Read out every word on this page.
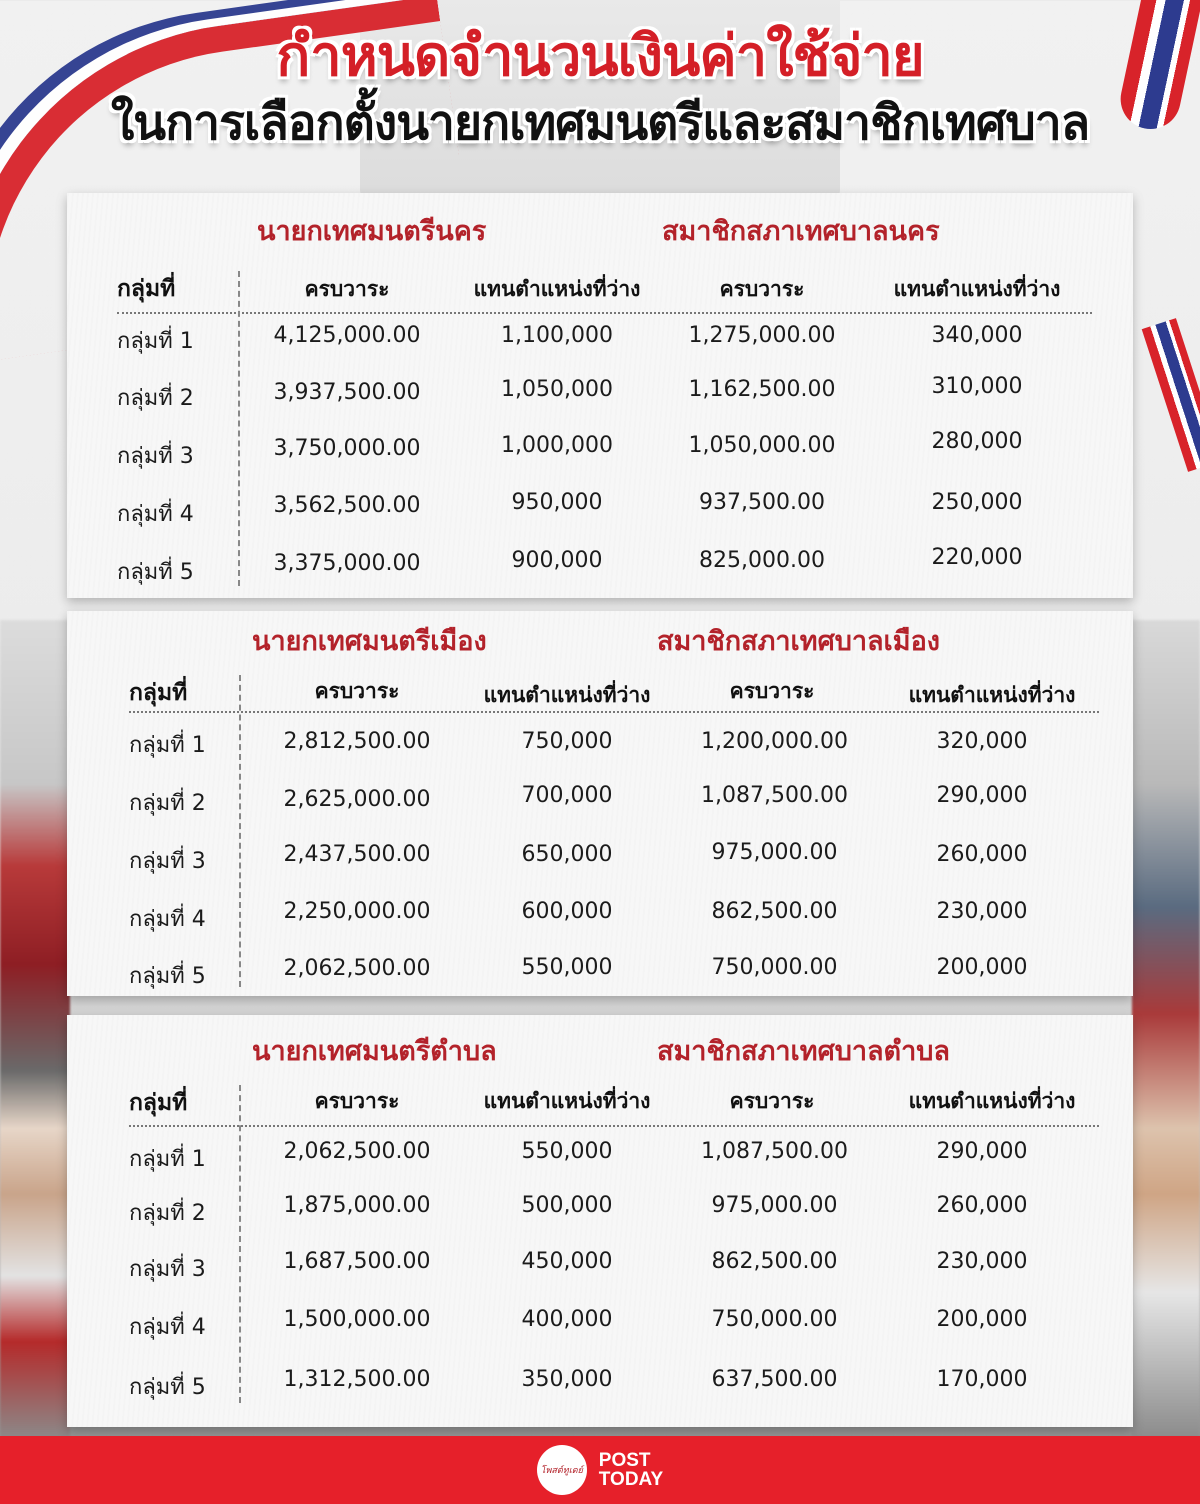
กำหนดจำนวนเงินค่าใช้จ่าย
ในการเลือกตั้งนายกเทศมนตรีและสมาชิกเทศบาล
นายกเทศมนตรีนคร	สมาชิกสภาเทศบาลนคร
กลุ่มที่	ครบวาระ	แทนตำแหน่งที่ว่าง	ครบวาระ	แทนตำแหน่งที่ว่าง
กลุ่มที่ 1	4,125,000.00	1,100,000	1,275,000.00	340,000
กลุ่มที่ 2	3,937,500.00	1,050,000	1,162,500.00	310,000
กลุ่มที่ 3	3,750,000.00	1,000,000	1,050,000.00	280,000
กลุ่มที่ 4	3,562,500.00	950,000	937,500.00	250,000
กลุ่มที่ 5	3,375,000.00	900,000	825,000.00	220,000
นายกเทศมนตรีเมือง	สมาชิกสภาเทศบาลเมือง
กลุ่มที่	ครบวาระ	แทนตำแหน่งที่ว่าง	ครบวาระ	แทนตำแหน่งที่ว่าง
กลุ่มที่ 1	2,812,500.00	750,000	1,200,000.00	320,000
กลุ่มที่ 2	2,625,000.00	700,000	1,087,500.00	290,000
กลุ่มที่ 3	2,437,500.00	650,000	975,000.00	260,000
กลุ่มที่ 4	2,250,000.00	600,000	862,500.00	230,000
กลุ่มที่ 5	2,062,500.00	550,000	750,000.00	200,000
นายกเทศมนตรีตำบล	สมาชิกสภาเทศบาลตำบล
กลุ่มที่	ครบวาระ	แทนตำแหน่งที่ว่าง	ครบวาระ	แทนตำแหน่งที่ว่าง
กลุ่มที่ 1	2,062,500.00	550,000	1,087,500.00	290,000
กลุ่มที่ 2	1,875,000.00	500,000	975,000.00	260,000
กลุ่มที่ 3	1,687,500.00	450,000	862,500.00	230,000
กลุ่มที่ 4	1,500,000.00	400,000	750,000.00	200,000
กลุ่มที่ 5	1,312,500.00	350,000	637,500.00	170,000
โพสต์ทูเดย์ POST
TODAY
